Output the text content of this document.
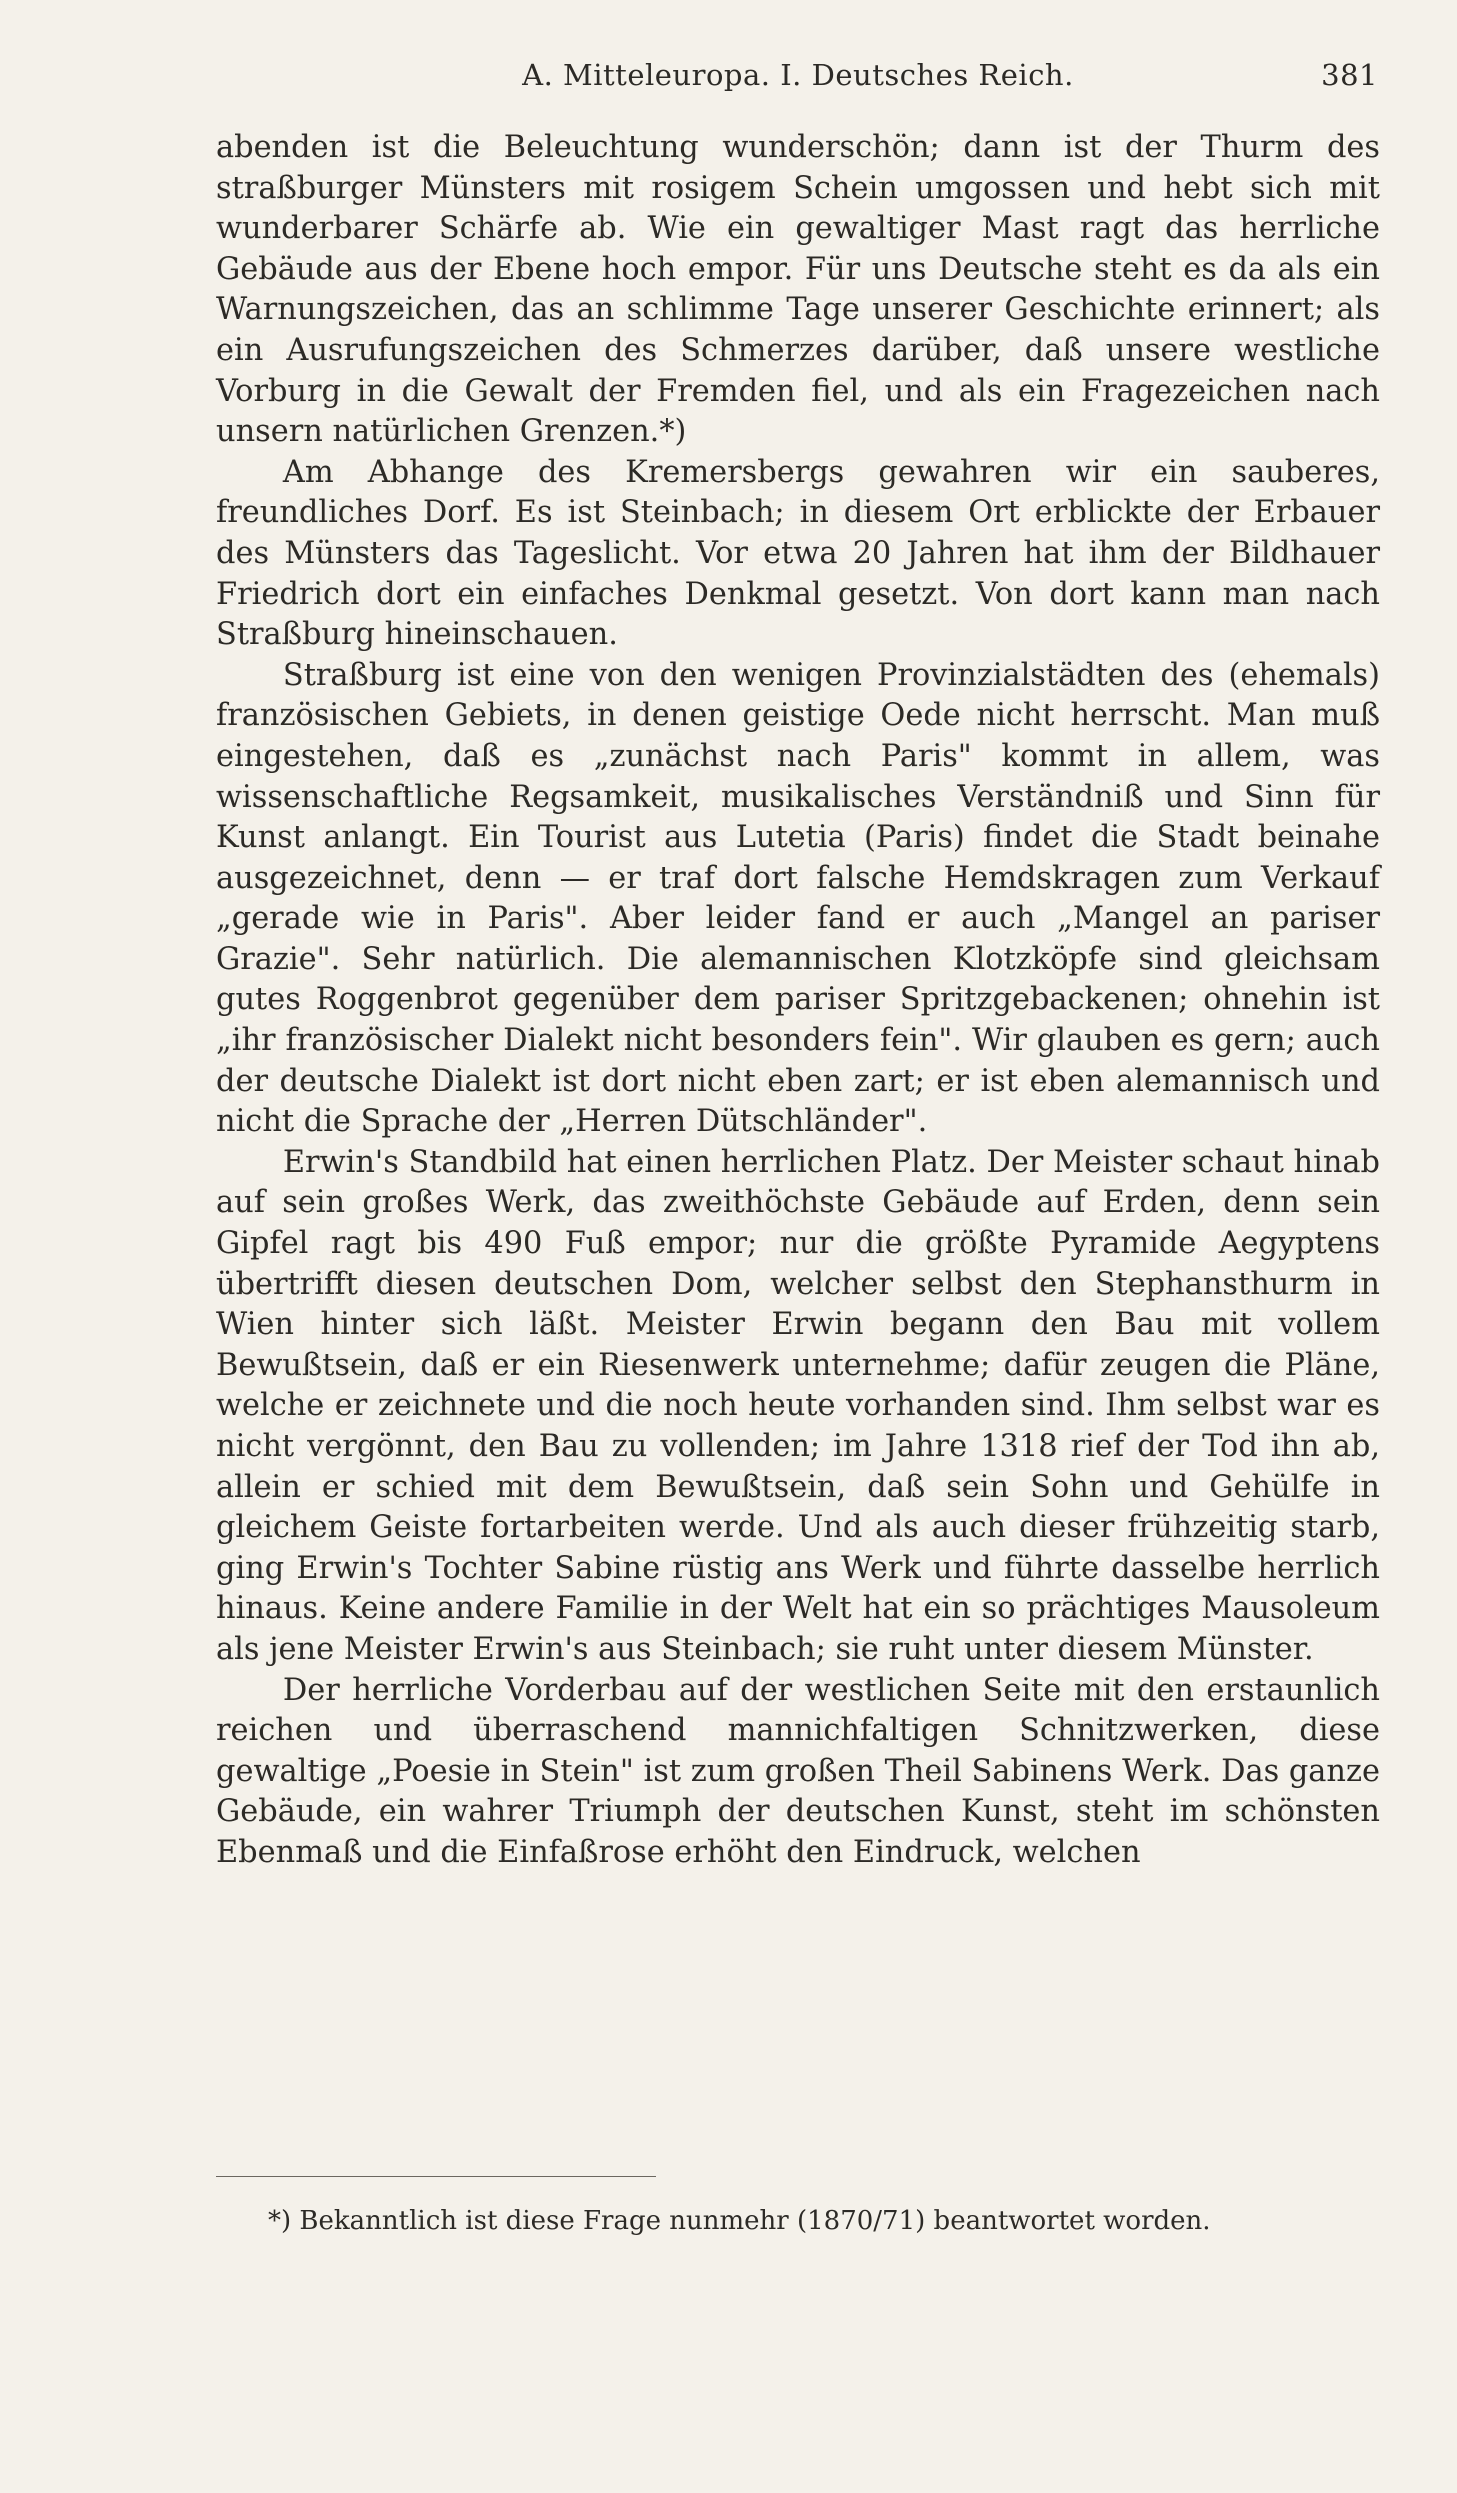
A. Mitteleuropa. I. Deutsches Reich.	381

abenden ist die Beleuchtung wunderschön; dann ist der Thurm des straßburger Münsters mit rosigem Schein umgossen und hebt sich mit wunderbarer Schärfe ab. Wie ein gewaltiger Mast ragt das herrliche Gebäude aus der Ebene hoch empor. Für uns Deutsche steht es da als ein Warnungszeichen, das an schlimme Tage unserer Geschichte erinnert; als ein Ausrufungszeichen des Schmerzes darüber, daß unsere westliche Vorburg in die Gewalt der Fremden fiel, und als ein Fragezeichen nach unsern natürlichen Grenzen.*)

Am Abhange des Kremersbergs gewahren wir ein sauberes, freundliches Dorf. Es ist Steinbach; in diesem Ort erblickte der Erbauer des Münsters das Tageslicht. Vor etwa 20 Jahren hat ihm der Bildhauer Friedrich dort ein einfaches Denkmal gesetzt. Von dort kann man nach Straßburg hineinschauen.

Straßburg ist eine von den wenigen Provinzialstädten des (ehemals) französischen Gebiets, in denen geistige Oede nicht herrscht. Man muß eingestehen, daß es „zunächst nach Paris" kommt in allem, was wissenschaftliche Regsamkeit, musikalisches Verständniß und Sinn für Kunst anlangt. Ein Tourist aus Lutetia (Paris) findet die Stadt beinahe ausgezeichnet, denn — er traf dort falsche Hemdskragen zum Verkauf „gerade wie in Paris". Aber leider fand er auch „Mangel an pariser Grazie". Sehr natürlich. Die alemannischen Klotzköpfe sind gleichsam gutes Roggenbrot gegenüber dem pariser Spritzgebackenen; ohnehin ist „ihr französischer Dialekt nicht besonders fein". Wir glauben es gern; auch der deutsche Dialekt ist dort nicht eben zart; er ist eben alemannisch und nicht die Sprache der „Herren Dütschländer".

Erwin's Standbild hat einen herrlichen Platz. Der Meister schaut hinab auf sein großes Werk, das zweithöchste Gebäude auf Erden, denn sein Gipfel ragt bis 490 Fuß empor; nur die größte Pyramide Aegyptens übertrifft diesen deutschen Dom, welcher selbst den Stephansthurm in Wien hinter sich läßt. Meister Erwin begann den Bau mit vollem Bewußtsein, daß er ein Riesenwerk unternehme; dafür zeugen die Pläne, welche er zeichnete und die noch heute vorhanden sind. Ihm selbst war es nicht vergönnt, den Bau zu vollenden; im Jahre 1318 rief der Tod ihn ab, allein er schied mit dem Bewußtsein, daß sein Sohn und Gehülfe in gleichem Geiste fortarbeiten werde. Und als auch dieser frühzeitig starb, ging Erwin's Tochter Sabine rüstig ans Werk und führte dasselbe herrlich hinaus. Keine andere Familie in der Welt hat ein so prächtiges Mausoleum als jene Meister Erwin's aus Steinbach; sie ruht unter diesem Münster.

Der herrliche Vorderbau auf der westlichen Seite mit den erstaunlich reichen und überraschend mannichfaltigen Schnitzwerken, diese gewaltige „Poesie in Stein" ist zum großen Theil Sabinens Werk. Das ganze Gebäude, ein wahrer Triumph der deutschen Kunst, steht im schönsten Ebenmaß und die Einfaßrose erhöht den Eindruck, welchen

*) Bekanntlich ist diese Frage nunmehr (1870/71) beantwortet worden.
